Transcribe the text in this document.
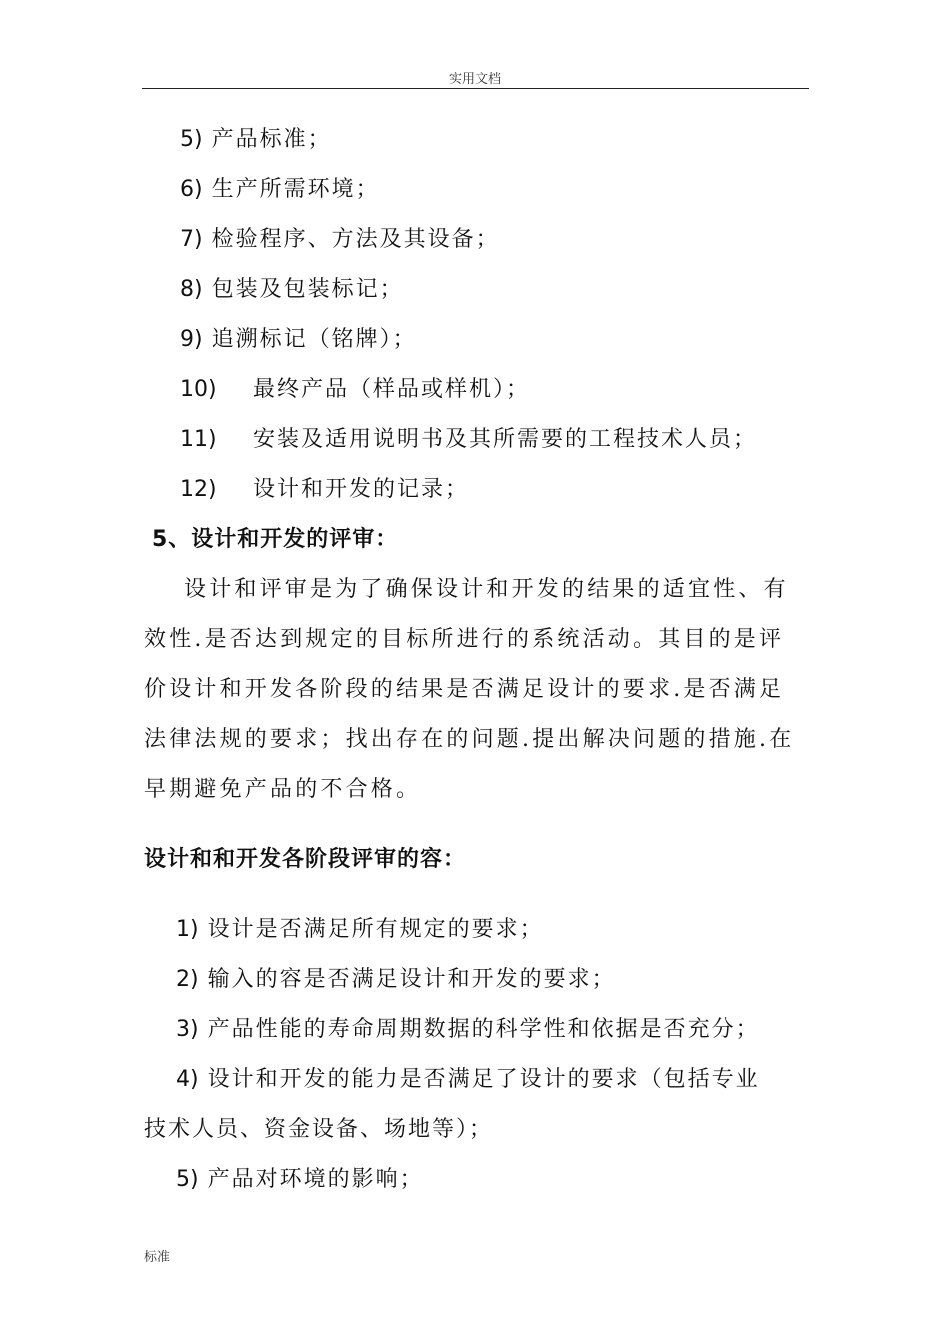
实用文档
5) 产品标准；
6) 生产所需环境；
7) 检验程序、方法及其设备；
8) 包装及包装标记；
9) 追溯标记（铭牌）；
10) 最终产品（样品或样机）；
11) 安装及适用说明书及其所需要的工程技术人员；
12) 设计和开发的记录；
5、设计和开发的评审：
设计和评审是为了确保设计和开发的结果的适宜性、有
效性.是否达到规定的目标所进行的系统活动。其目的是评
价设计和开发各阶段的结果是否满足设计的要求.是否满足
法律法规的要求；找出存在的问题.提出解决问题的措施.在
早期避免产品的不合格。
设计和和开发各阶段评审的容：
1) 设计是否满足所有规定的要求；
2) 输入的容是否满足设计和开发的要求；
3) 产品性能的寿命周期数据的科学性和依据是否充分；
4) 设计和开发的能力是否满足了设计的要求（包括专业
技术人员、资金设备、场地等）；
5) 产品对环境的影响；
标准
